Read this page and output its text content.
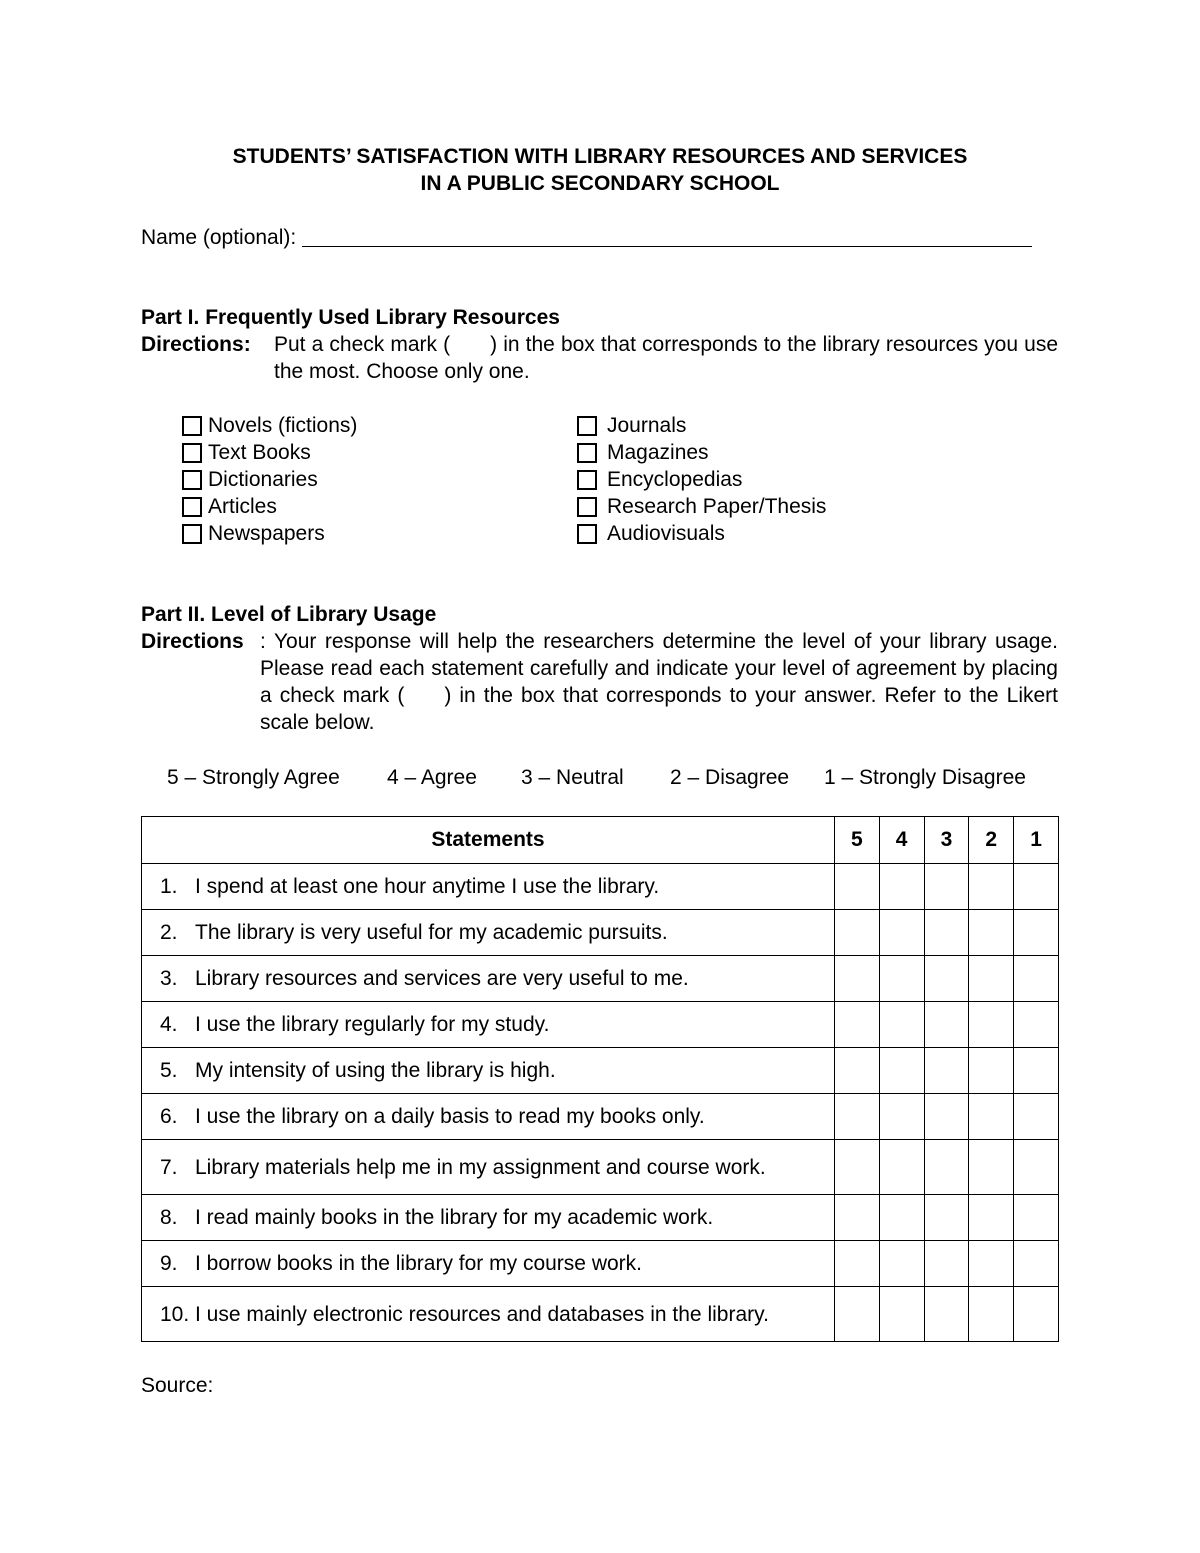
STUDENTS’ SATISFACTION WITH LIBRARY RESOURCES AND SERVICES
IN A PUBLIC SECONDARY SCHOOL
Name (optional):
Part I. Frequently Used Library Resources
Directions: Put a check mark ( ) in the box that corresponds to the library resources you use the most. Choose only one.
Novels (fictions)
Text Books
Dictionaries
Articles
Newspapers
Journals
Magazines
Encyclopedias
Research Paper/Thesis
Audiovisuals
Part II. Level of Library Usage
Directions : Your response will help the researchers determine the level of your library usage. Please read each statement carefully and indicate your level of agreement by placing a check mark ( ) in the box that corresponds to your answer. Refer to the Likert scale below.
5 – Strongly Agree 4 – Agree 3 – Neutral 2 – Disagree 1 – Strongly Disagree
Statements	5	4	3	2	1

1. I spend at least one hour anytime I use the library.					

2. The library is very useful for my academic pursuits.					

3. Library resources and services are very useful to me.					

4. I use the library regularly for my study.					

5. My intensity of using the library is high.					

6. I use the library on a daily basis to read my books only.					

7. Library materials help me in my assignment and course work.					

8. I read mainly books in the library for my academic work.					

9. I borrow books in the library for my course work.					

10. I use mainly electronic resources and databases in the library.					

Source:
